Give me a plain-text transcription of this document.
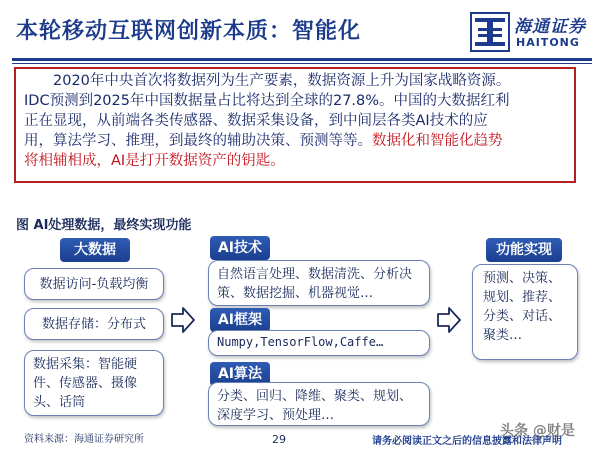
本轮移动互联网创新本质：智能化	海通证券
HAITONG
　　2020年中央首次将数据列为生产要素，数据资源上升为国家战略资源。
IDC预测到2025年中国数据量占比将达到全球的27.8%。中国的大数据红利
正在显现，从前端各类传感器、数据采集设备，到中间层各类AI技术的应
用，算法学习、推理，到最终的辅助决策、预测等等。数据化和智能化趋势
将相辅相成，AI是打开数据资产的钥匙。
图 AI处理数据，最终实现功能
大数据
数据访问-负载均衡
数据存储：分布式
数据采集：智能硬件、传感器、摄像头、话筒
AI技术
自然语言处理、数据清洗、分析决策、数据挖掘、机器视觉…
AI框架
Numpy,TensorFlow,Caffe…
AI算法
分类、回归、降维、聚类、规划、深度学习、预处理…
功能实现
预测、决策、规划、推荐、分类、对话、聚类…
资料来源：海通证券研究所	29	请务必阅读正文之后的信息披露和法律声明
头条 @财是
